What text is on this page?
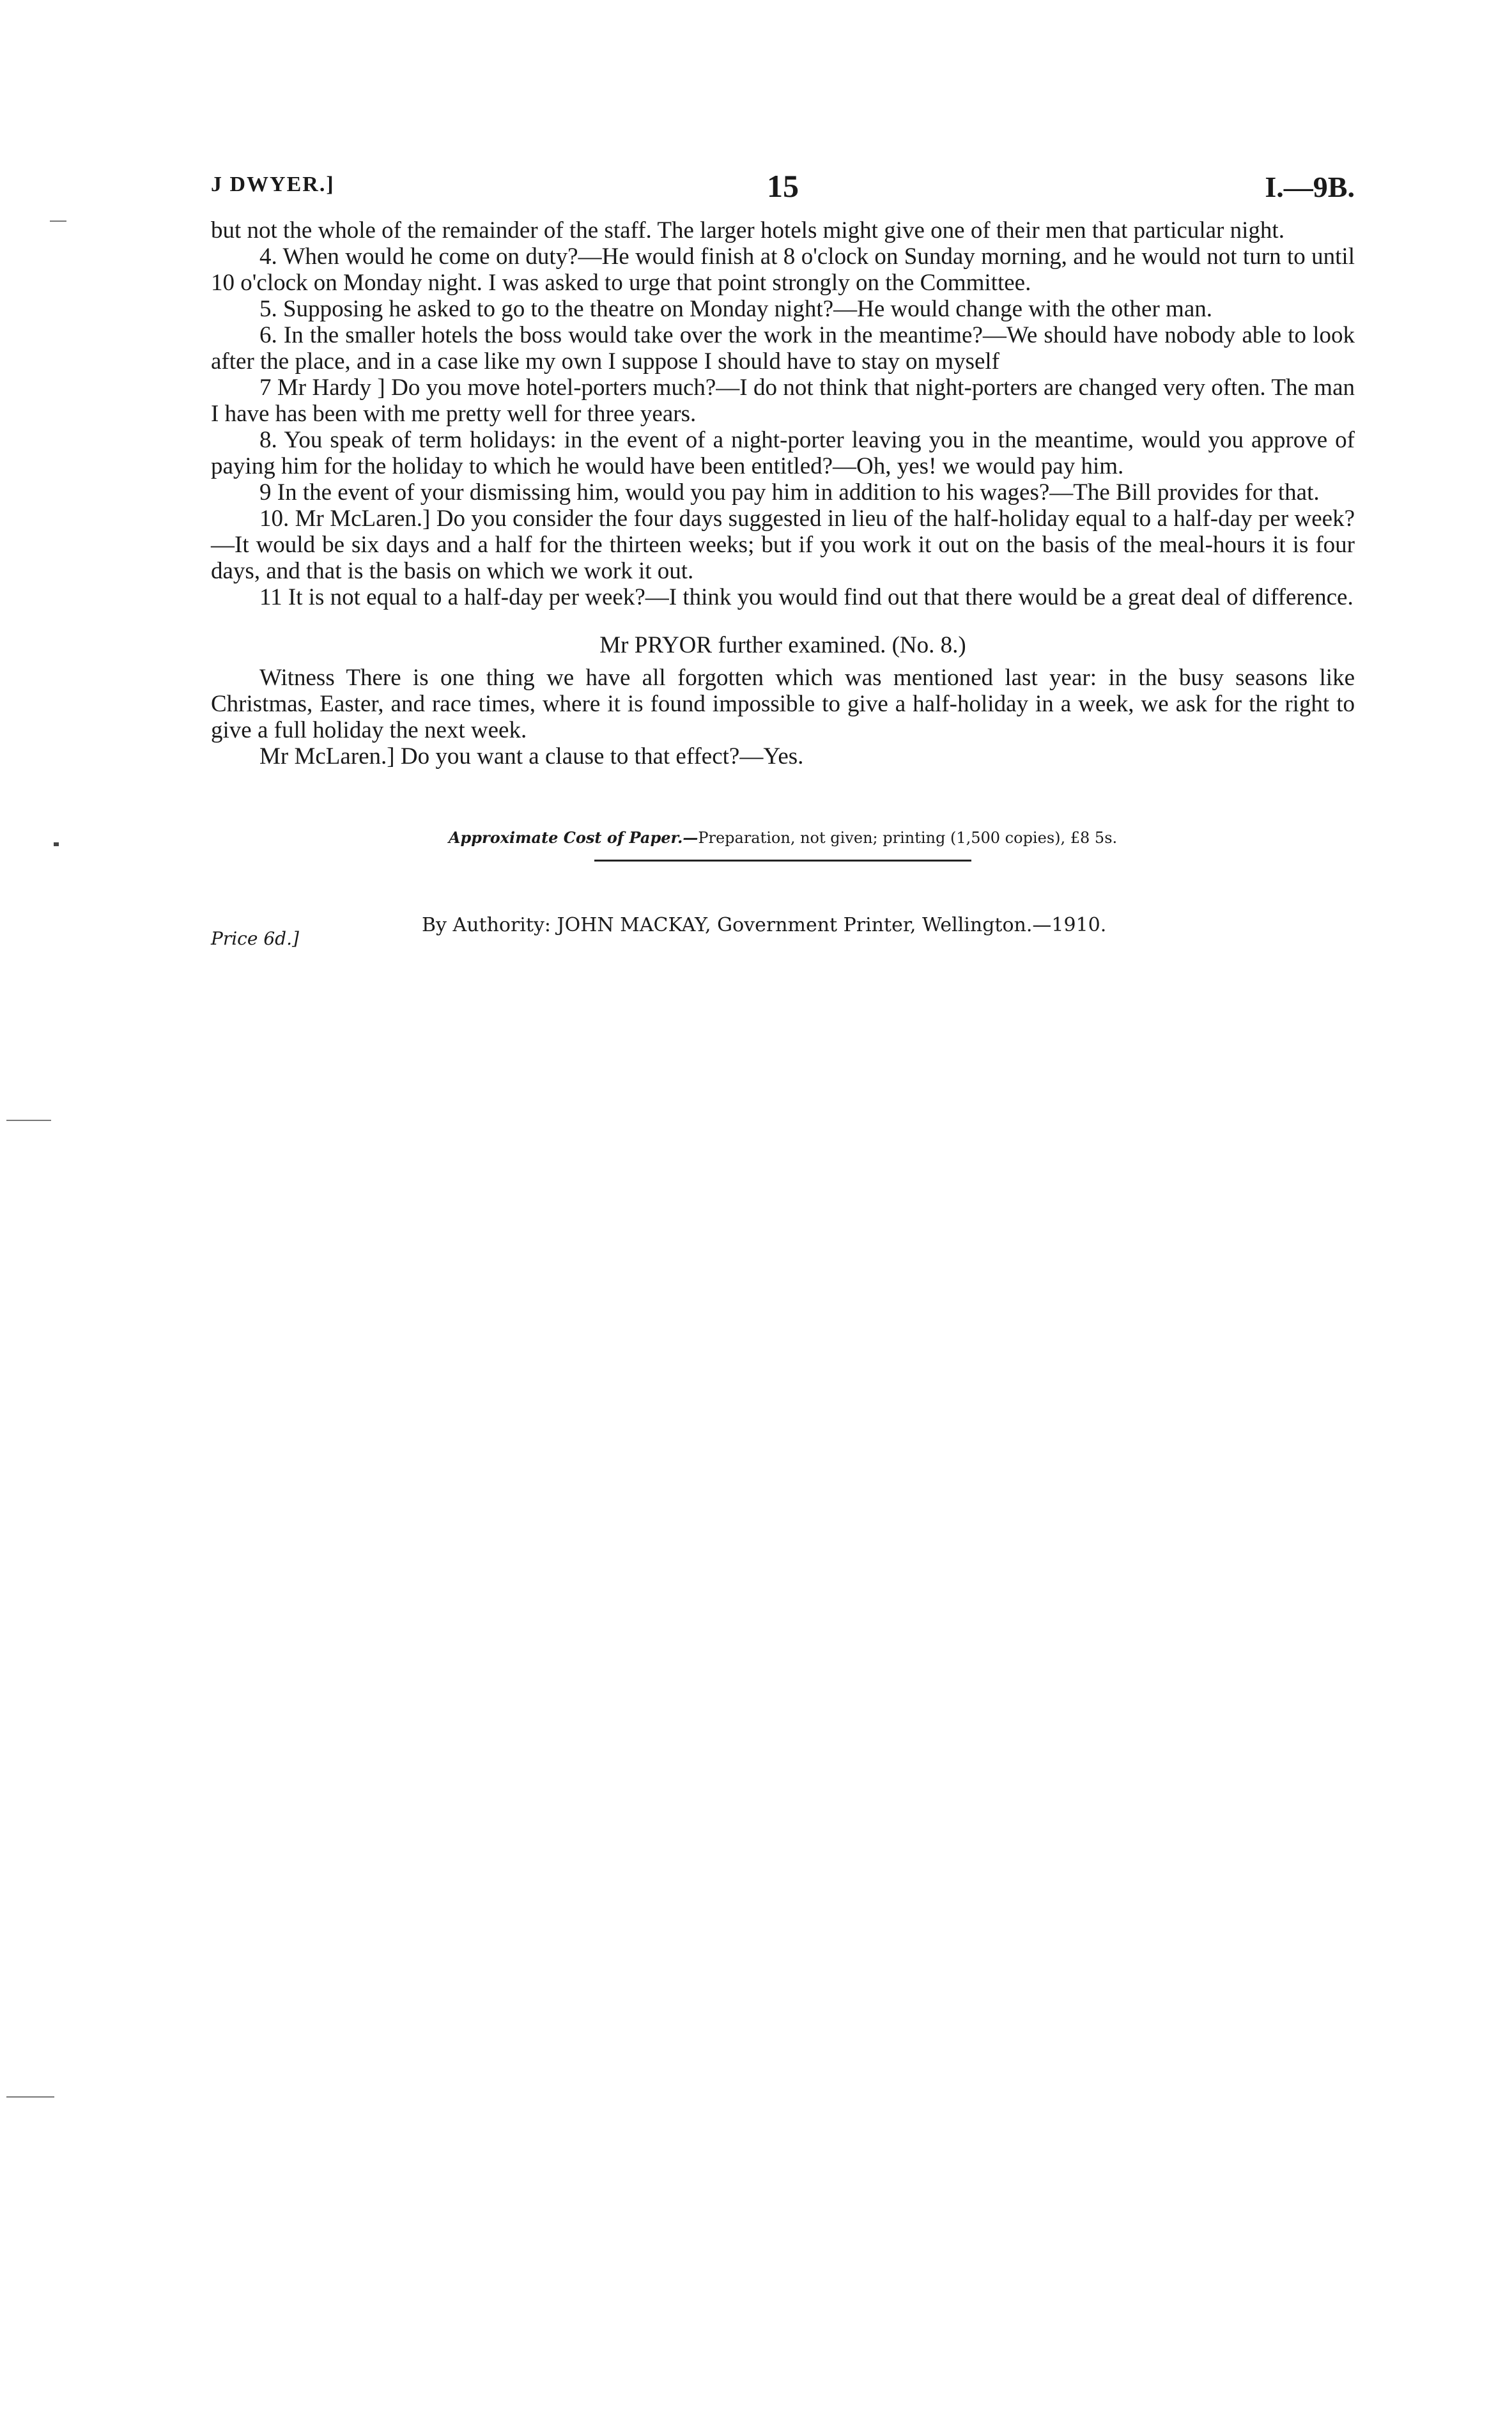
J DWYER.]	15	I.—9B.

but not the whole of the remainder of the staff. The larger hotels might give one of their men that particular night.

4. When would he come on duty?—He would finish at 8 o'clock on Sunday morning, and he would not turn to until 10 o'clock on Monday night. I was asked to urge that point strongly on the Committee.

5. Supposing he asked to go to the theatre on Monday night?—He would change with the other man.

6. In the smaller hotels the boss would take over the work in the meantime?—We should have nobody able to look after the place, and in a case like my own I suppose I should have to stay on myself

7 Mr Hardy ] Do you move hotel-porters much?—I do not think that night-porters are changed very often. The man I have has been with me pretty well for three years.

8. You speak of term holidays: in the event of a night-porter leaving you in the meantime, would you approve of paying him for the holiday to which he would have been entitled?—Oh, yes! we would pay him.

9 In the event of your dismissing him, would you pay him in addition to his wages?—The Bill provides for that.

10. Mr McLaren.] Do you consider the four days suggested in lieu of the half-holiday equal to a half-day per week?—It would be six days and a half for the thirteen weeks; but if you work it out on the basis of the meal-hours it is four days, and that is the basis on which we work it out.

11 It is not equal to a half-day per week?—I think you would find out that there would be a great deal of difference.

Mr PRYOR further examined. (No. 8.)

Witness There is one thing we have all forgotten which was mentioned last year: in the busy seasons like Christmas, Easter, and race times, where it is found impossible to give a half-holiday in a week, we ask for the right to give a full holiday the next week.

Mr McLaren.] Do you want a clause to that effect?—Yes.

Approximate Cost of Paper.—Preparation, not given; printing (1,500 copies), £8 5s.
Price 6d.]
By Authority: JOHN MACKAY, Government Printer, Wellington.—1910.
